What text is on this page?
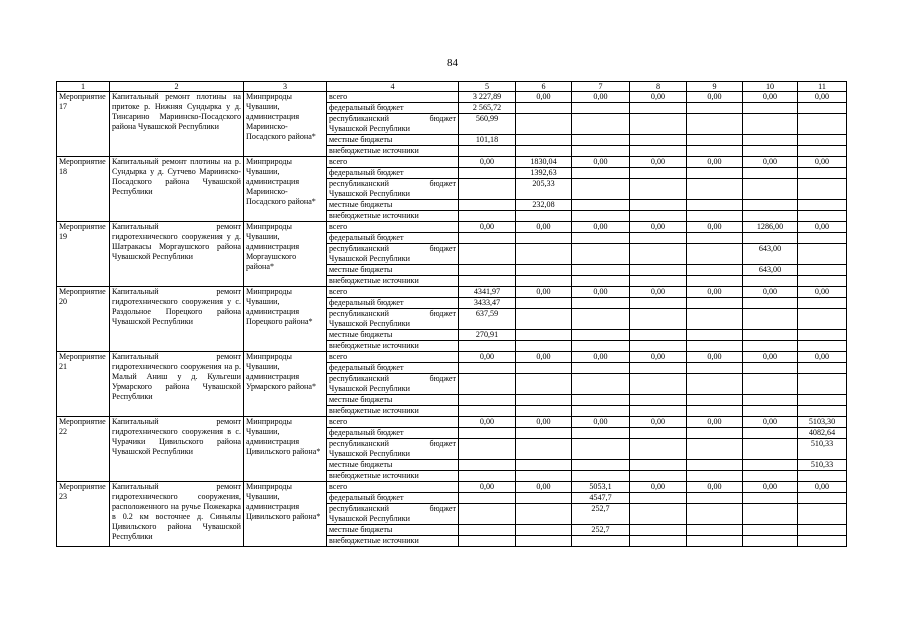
84
1	2	3	4	5	6	7	8	9	10	11
Мероприятие 17	Капитальный ремонт плотины на притоке р. Нижняя Сундырка у д. Тинсарино Мариинско-Посадского района Чувашской Республики	Минприроды Чувашии, администрация Мариинско-Посадского района*	всего	3 227,89	0,00	0,00	0,00	0,00	0,00	0,00
			федеральный бюджет	2 565,72						
			республиканский бюджет Чувашской Республики	560,99						
			местные бюджеты	101,18						
			внебюджетные источники							
Мероприятие 18	Капитальный ремонт плотины на р. Сундырка у д. Сутчево Мариинско-Посадского района Чувашской Республики	Минприроды Чувашии, администрация Мариинско-Посадского района*	всего	0,00	1830,04	0,00	0,00	0,00	0,00	0,00
			федеральный бюджет		1392,63					
			республиканский бюджет Чувашской Республики		205,33					
			местные бюджеты		232,08					
			внебюджетные источники							
Мероприятие 19	Капитальный ремонт гидротехнического сооружения у д. Шатракасы Моргаушского района Чувашской Республики	Минприроды Чувашии, администрация Моргаушского района*	всего	0,00	0,00	0,00	0,00	0,00	1286,00	0,00
			федеральный бюджет							
			республиканский бюджет Чувашской Республики						643,00	
			местные бюджеты						643,00	
			внебюджетные источники							
Мероприятие 20	Капитальный ремонт гидротехнического сооружения у с. Раздольное Порецкого района Чувашской Республики	Минприроды Чувашии, администрация Порецкого района*	всего	4341,97	0,00	0,00	0,00	0,00	0,00	0,00
			федеральный бюджет	3433,47						
			республиканский бюджет Чувашской Республики	637,59						
			местные бюджеты	270,91						
			внебюджетные источники							
Мероприятие 21	Капитальный ремонт гидротехнического сооружения на р. Малый Аниш у д. Кульгеши Урмарского района Чувашской Республики	Минприроды Чувашии, администрация Урмарского района*	всего	0,00	0,00	0,00	0,00	0,00	0,00	0,00
			федеральный бюджет							
			республиканский бюджет Чувашской Республики							
			местные бюджеты							
			внебюджетные источники							
Мероприятие 22	Капитальный ремонт гидротехнического сооружения в с. Чурачики Цивильского района Чувашской Республики	Минприроды Чувашии, администрация Цивильского района*	всего	0,00	0,00	0,00	0,00	0,00	0,00	5103,30
			федеральный бюджет							4082,64
			республиканский бюджет Чувашской Республики							510,33
			местные бюджеты							510,33
			внебюджетные источники							
Мероприятие 23	Капитальный ремонт гидротехнического сооружения, расположенного на ручье Пожекарка в 0.2 км восточнее д. Синьялы Цивильского района Чувашской Республики	Минприроды Чувашии, администрация Цивильского района*	всего	0,00	0,00	5053,1	0,00	0,00	0,00	0,00
			федеральный бюджет			4547,7				
			республиканский бюджет Чувашской Республики			252,7				
			местные бюджеты			252,7				
			внебюджетные источники							
